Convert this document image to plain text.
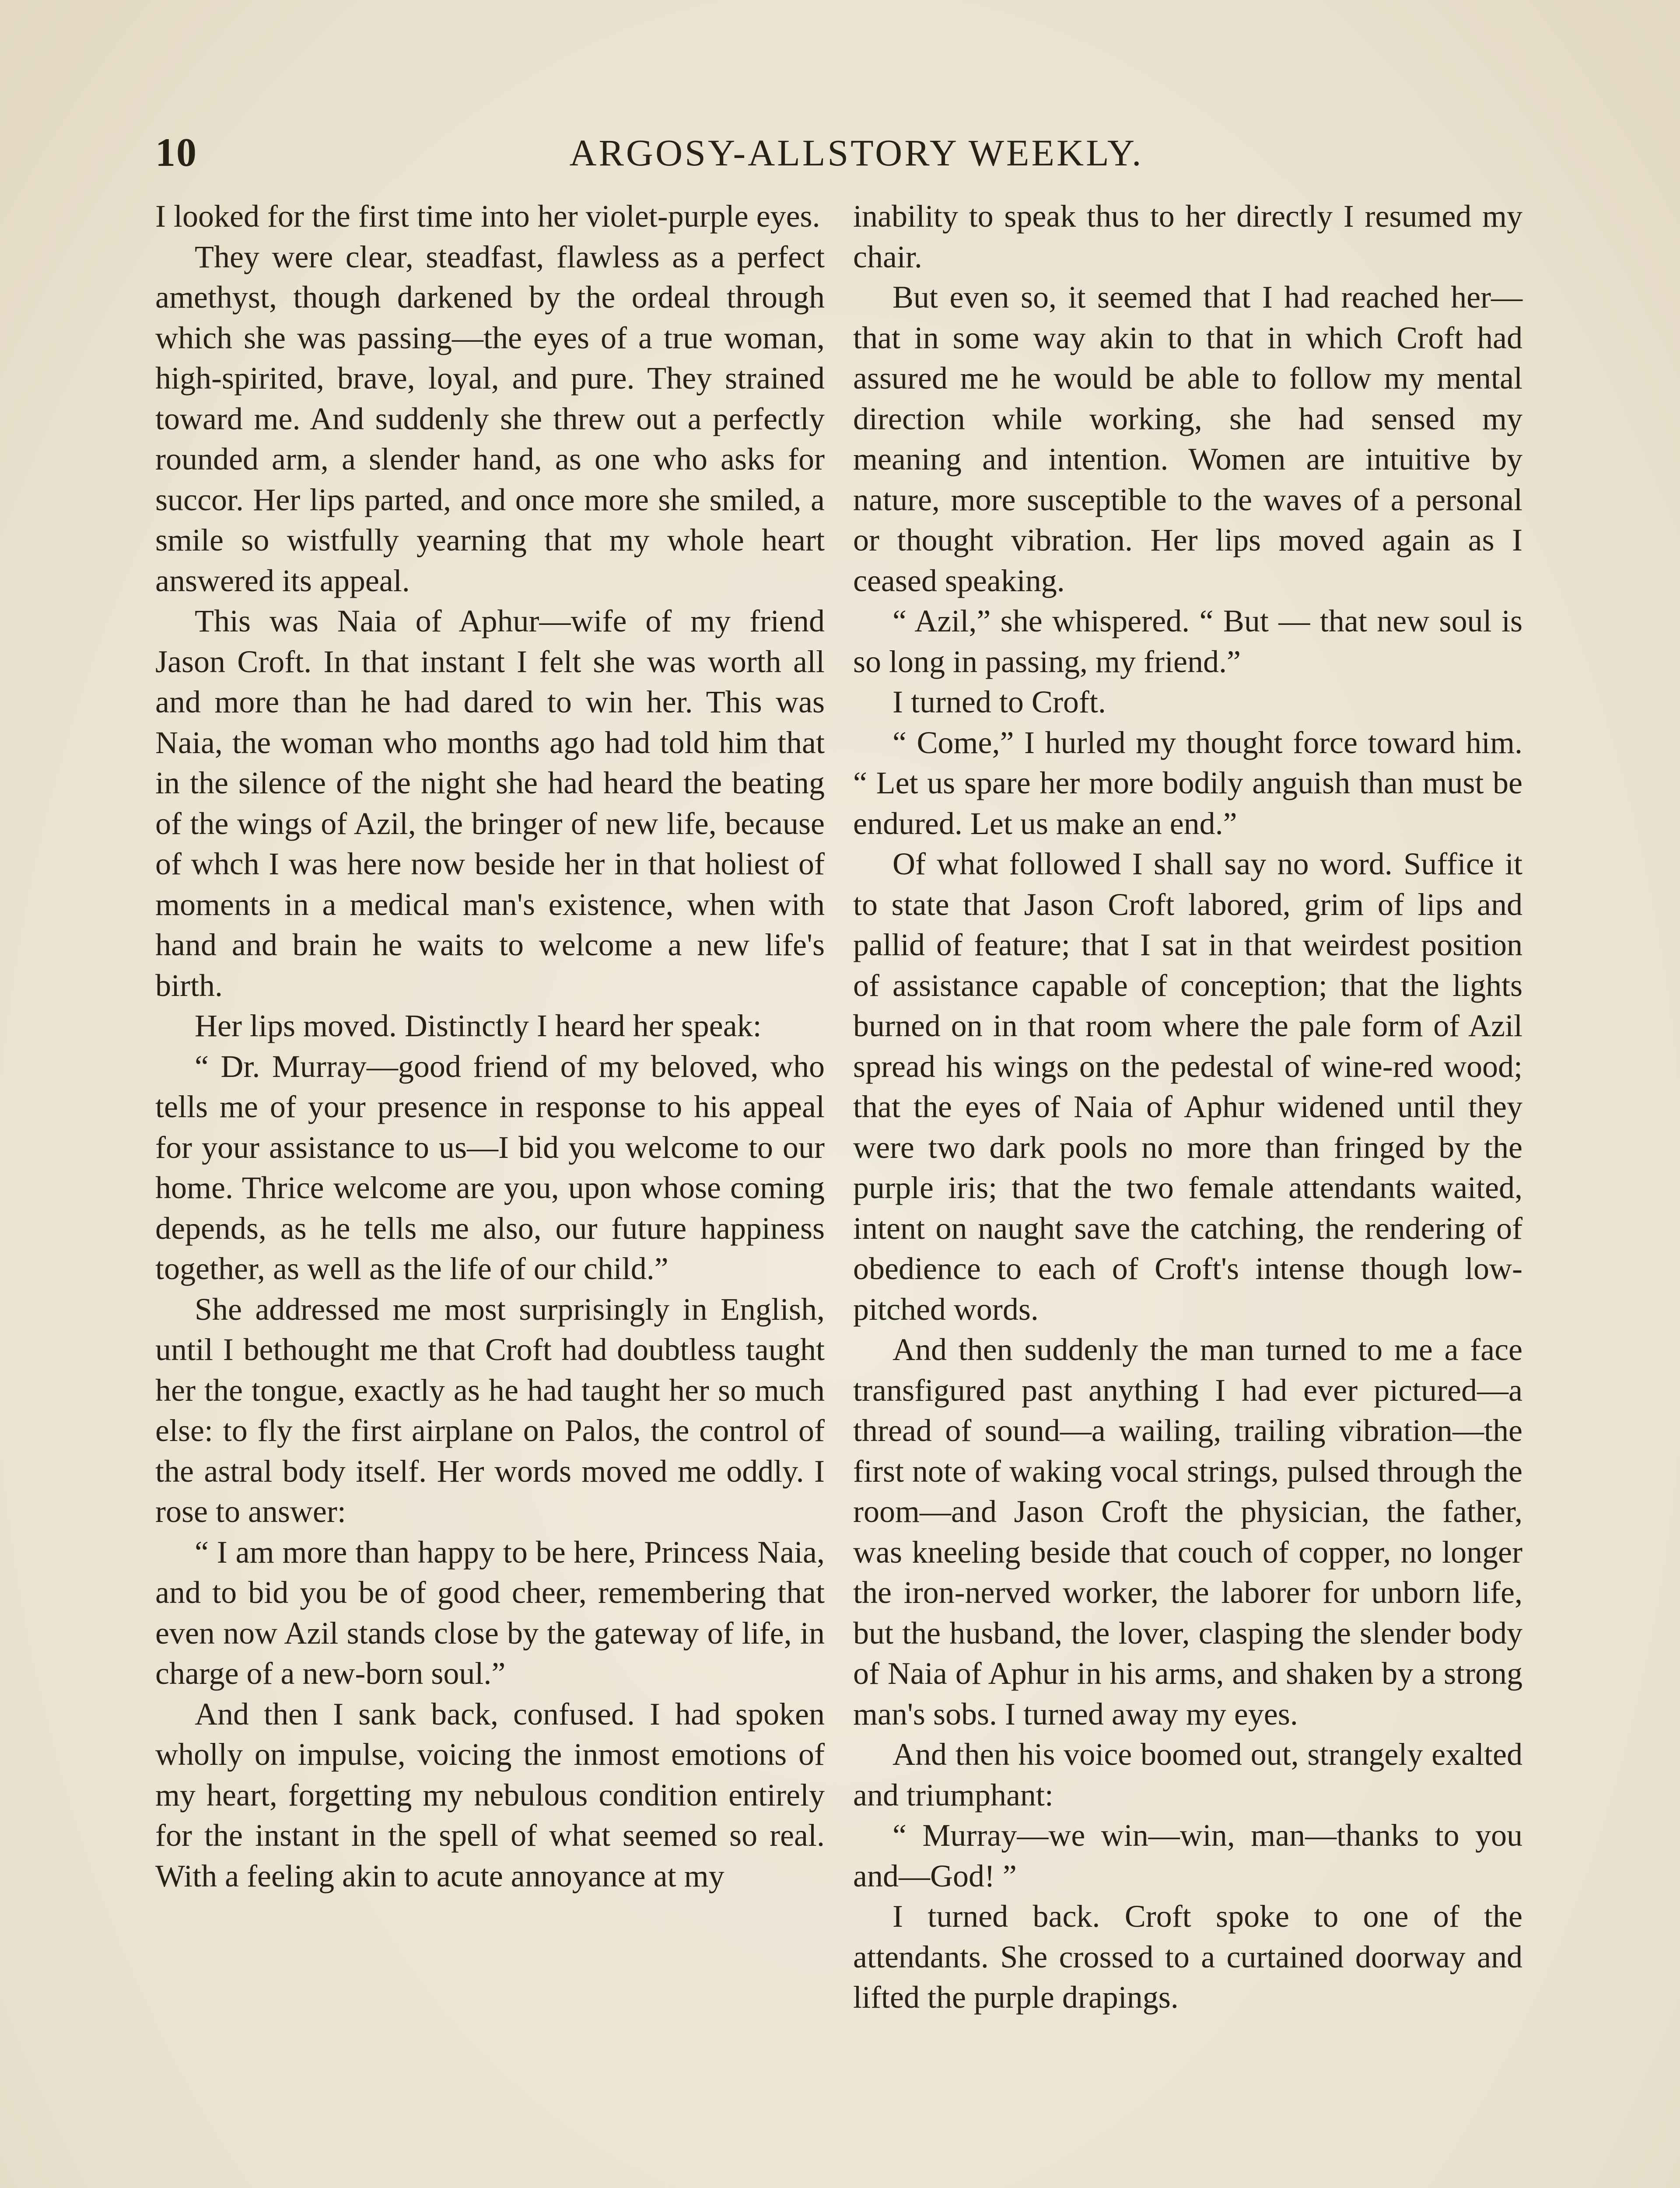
10	ARGOSY-ALLSTORY WEEKLY.

I looked for the first time into her violet-purple eyes.

They were clear, steadfast, flawless as a perfect amethyst, though darkened by the ordeal through which she was passing—the eyes of a true woman, high-spirited, brave, loyal, and pure. They strained toward me. And suddenly she threw out a perfectly rounded arm, a slender hand, as one who asks for succor. Her lips parted, and once more she smiled, a smile so wistfully yearning that my whole heart answered its appeal.

This was Naia of Aphur—wife of my friend Jason Croft. In that instant I felt she was worth all and more than he had dared to win her. This was Naia, the woman who months ago had told him that in the silence of the night she had heard the beating of the wings of Azil, the bringer of new life, because of whch I was here now beside her in that holiest of moments in a medical man's existence, when with hand and brain he waits to welcome a new life's birth.

Her lips moved. Distinctly I heard her speak:

“ Dr. Murray—good friend of my beloved, who tells me of your presence in response to his appeal for your assistance to us—I bid you welcome to our home. Thrice welcome are you, upon whose coming depends, as he tells me also, our future happiness together, as well as the life of our child.”

She addressed me most surprisingly in English, until I bethought me that Croft had doubtless taught her the tongue, exactly as he had taught her so much else: to fly the first airplane on Palos, the control of the astral body itself. Her words moved me oddly. I rose to answer:

“ I am more than happy to be here, Princess Naia, and to bid you be of good cheer, remembering that even now Azil stands close by the gateway of life, in charge of a new-born soul.”

And then I sank back, confused. I had spoken wholly on impulse, voicing the inmost emotions of my heart, forgetting my nebulous condition entirely for the instant in the spell of what seemed so real. With a feeling akin to acute annoyance at my

inability to speak thus to her directly I resumed my chair.

But even so, it seemed that I had reached her—that in some way akin to that in which Croft had assured me he would be able to follow my mental direction while working, she had sensed my meaning and intention. Women are intuitive by nature, more susceptible to the waves of a personal or thought vibration. Her lips moved again as I ceased speaking.

“ Azil,” she whispered. “ But — that new soul is so long in passing, my friend.”

I turned to Croft.

“ Come,” I hurled my thought force toward him. “ Let us spare her more bodily anguish than must be endured. Let us make an end.”

Of what followed I shall say no word. Suffice it to state that Jason Croft labored, grim of lips and pallid of feature; that I sat in that weirdest position of assistance capable of conception; that the lights burned on in that room where the pale form of Azil spread his wings on the pedestal of wine-red wood; that the eyes of Naia of Aphur widened until they were two dark pools no more than fringed by the purple iris; that the two female attendants waited, intent on naught save the catching, the rendering of obedience to each of Croft's intense though low-pitched words.

And then suddenly the man turned to me a face transfigured past anything I had ever pictured—a thread of sound—a wailing, trailing vibration—the first note of waking vocal strings, pulsed through the room—and Jason Croft the physician, the father, was kneeling beside that couch of copper, no longer the iron-nerved worker, the laborer for unborn life, but the husband, the lover, clasping the slender body of Naia of Aphur in his arms, and shaken by a strong man's sobs. I turned away my eyes.

And then his voice boomed out, strangely exalted and triumphant:

“ Murray—we win—win, man—thanks to you and—God! ”

I turned back. Croft spoke to one of the attendants. She crossed to a curtained doorway and lifted the purple drapings.
